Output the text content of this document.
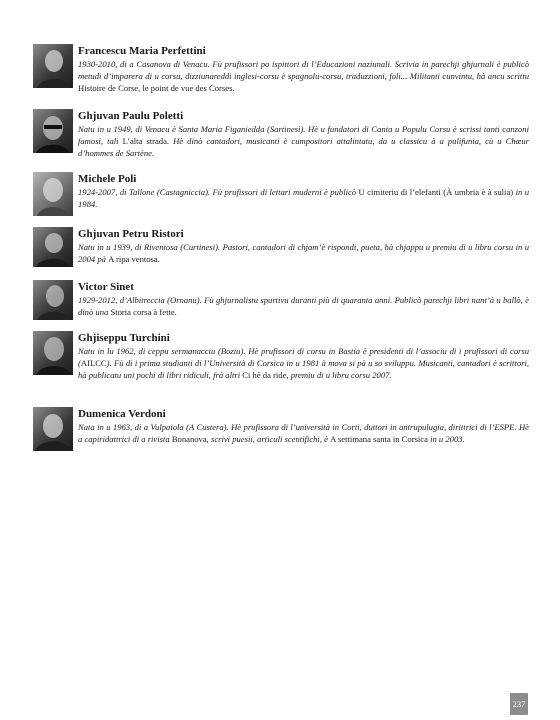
Francescu Maria Perfettini
1930-2010, di a Casanova di Venacu. Fù prufissori po ispittori di l’Educazioni naziunali. Scrivia in parechji ghjurnali è publicò metudi d’imparera di u corsu, dizziunareddi inglesi-corsu è spagnolu-corsu, traduzzioni, foli... Militanti cunvintu, hà ancu scrittu Histoire de Corse, le point de vue des Corses.
Ghjuvan Paulu Poletti
Natu in u 1949, di Venacu è Santa Maria Figaniedda (Sartinesi). Hè u fundatori di Canta u Populu Corsu è scrissi tanti canzoni famosi, tali L’alta strada. Hè dinò cantadori, musicanti è cumpositori attalintatu, da u classicu à a pulifunia, cù u Chœur d’hommes de Sartène.
Michele Poli
1924-2007, di Tallone (Castagniccia). Fù prufissori di lettari muderni è publicò U cimiteriu di l’elefanti (À umbria è à sulia) in u 1984.
Ghjuvan Petru Ristori
Natu in u 1939, di Riventosa (Curtinesi). Pastori, cantadori di chjam’è rispondi, pueta, hà chjappu u premiu di u libru corsu in u 2004 pà A ripa ventosa.
Victor Sinet
1929-2012, d’Albitreccia (Ornanu). Fù ghjurnalistu spurtivu duranti più di quaranta anni. Publicò parechji libri nant’à u ballò, è dinò una Storia corsa à fette.
Ghjiseppu Turchini
Natu in lu 1962, di ceppu sermanacciu (Boziu). Hè prufissori di corsu in Bastia è presidenti di l’associu di i prufissori di corsu (AILCC). Fù di i prima studianti di l’Università di Corsica in u 1981 à mova si pà u so sviluppu. Musicanti, cantadori è scrittori, hà publicatu uni pochi di libri ridiculi, frà altri Ci hè da ride, premiu di u libru corsu 2007.
Dumenica Verdoni
Nata in u 1963, di a Vulpaiola (A Custera). Hè prufissora di l’università in Corti, duttori in antrupulugia, dirittrici di l’ESPE. Hè a capiridattrici di a rivista Bonanova, scrivi puesii, articuli scentifichi, è A settimana santa in Corsica in u 2003.
237
